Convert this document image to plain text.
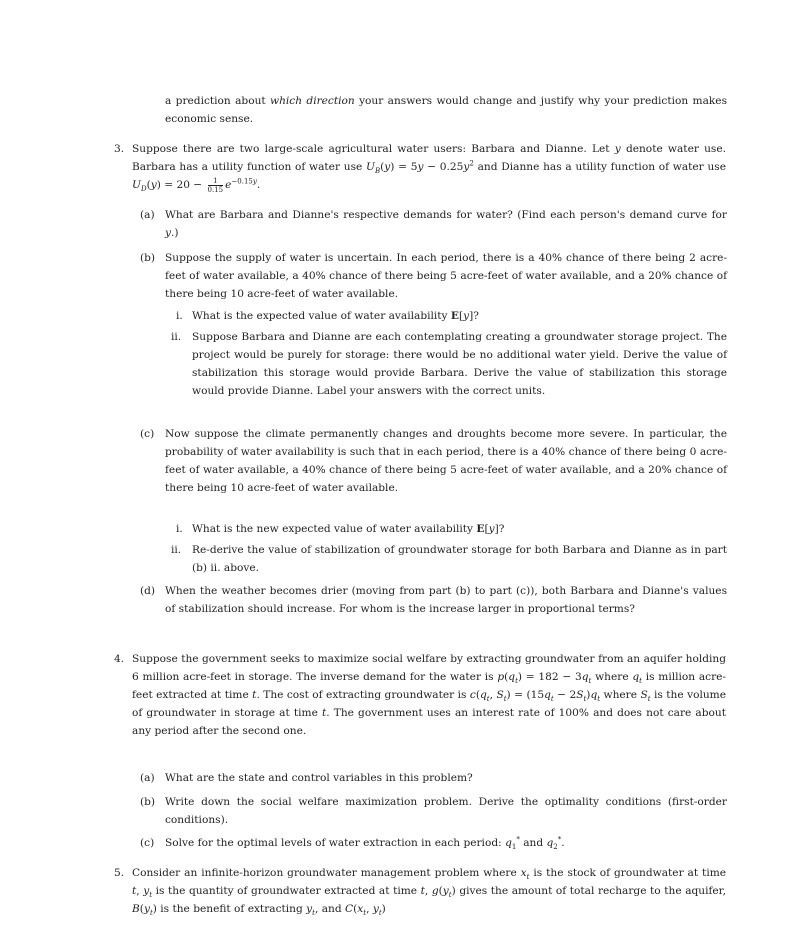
a prediction about which direction your answers would change and justify why your prediction makes economic sense.

3. Suppose there are two large-scale agricultural water users: Barbara and Dianne. Let y denote water use. Barbara has a utility function of water use $U_B(y) = 5y - 0.25y^2$ and Dianne has a utility function of water use $U_D(y) = 20 - \frac{1}{0.15} e^{-0.15y}$.

(a) What are Barbara and Dianne's respective demands for water? (Find each person's demand curve for y.)

(b) Suppose the supply of water is uncertain. In each period, there is a 40% chance of there being 2 acre-feet of water available, a 40% chance of there being 5 acre-feet of water available, and a 20% chance of there being 10 acre-feet of water available.

i. What is the expected value of water availability E[y]?

ii. Suppose Barbara and Dianne are each contemplating creating a groundwater storage project. The project would be purely for storage: there would be no additional water yield. Derive the value of stabilization this storage would provide Barbara. Derive the value of stabilization this storage would provide Dianne. Label your answers with the correct units.

(c) Now suppose the climate permanently changes and droughts become more severe. In particular, the probability of water availability is such that in each period, there is a 40% chance of there being 0 acre-feet of water available, a 40% chance of there being 5 acre-feet of water available, and a 20% chance of there being 10 acre-feet of water available.

i. What is the new expected value of water availability E[y]?

ii. Re-derive the value of stabilization of groundwater storage for both Barbara and Dianne as in part (b) ii. above.

(d) When the weather becomes drier (moving from part (b) to part (c)), both Barbara and Dianne's values of stabilization should increase. For whom is the increase larger in proportional terms?

4. Suppose the government seeks to maximize social welfare by extracting groundwater from an aquifer holding 6 million acre-feet in storage. The inverse demand for the water is $p(q_t) = 182 - 3q_t$ where $q_t$ is million acre-feet extracted at time t. The cost of extracting groundwater is $c(q_t$, $S_t) = (15q_t - 2S_t)q_t$ where $S_t$ is the volume of groundwater in storage at time t. The government uses an interest rate of 100% and does not care about any period after the second one.

(a) What are the state and control variables in this problem?

(b) Write down the social welfare maximization problem. Derive the optimality conditions (first-order conditions).

(c) Solve for the optimal levels of water extraction in each period: $q_1^*$ and $q_2^*$.

5. Consider an infinite-horizon groundwater management problem where $x_t$ is the stock of groundwater at time t, $y_t$ is the quantity of groundwater extracted at time t, $g(y_t)$ gives the amount of total recharge to the aquifer, $B(y_t)$ is the benefit of extracting $y_t$, and $C(x_t$, $y_t$)
